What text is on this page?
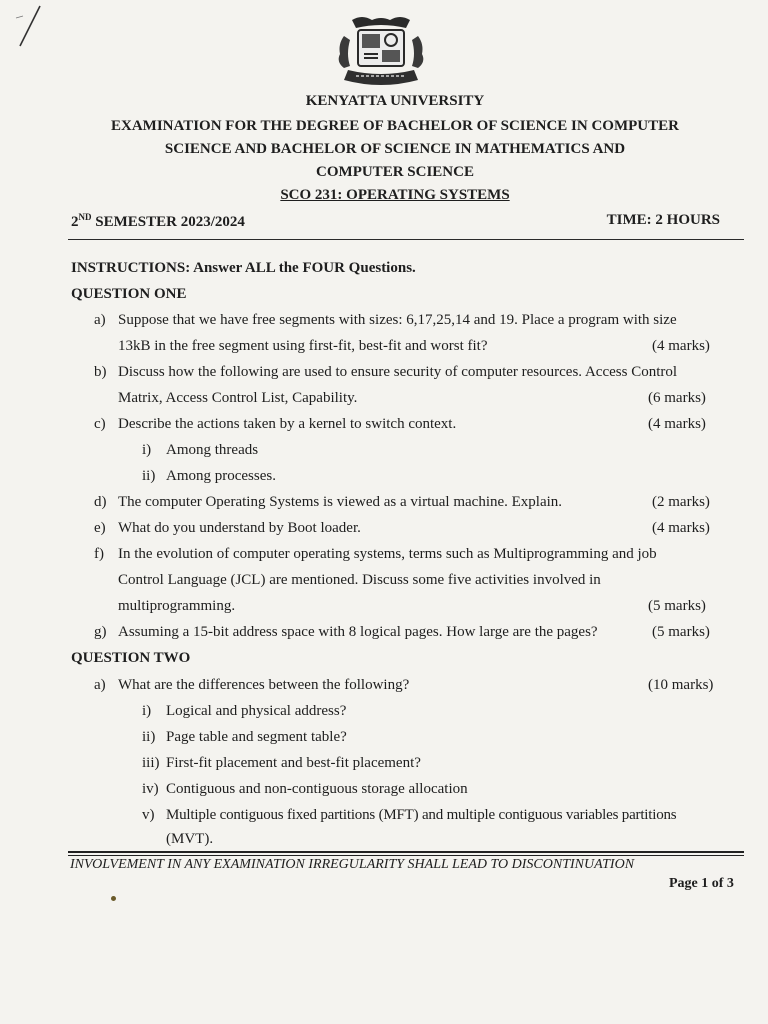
KENYATTA UNIVERSITY
EXAMINATION FOR THE DEGREE OF BACHELOR OF SCIENCE IN COMPUTER
SCIENCE AND BACHELOR OF SCIENCE IN MATHEMATICS AND
COMPUTER SCIENCE
SCO 231: OPERATING SYSTEMS
2ND SEMESTER 2023/2024	TIME: 2 HOURS
INSTRUCTIONS: Answer ALL the FOUR Questions.
QUESTION ONE
a) Suppose that we have free segments with sizes: 6,17,25,14 and 19. Place a program with size
13kB in the free segment using first-fit, best-fit and worst fit?	(4 marks)
b) Discuss how the following are used to ensure security of computer resources. Access Control
Matrix, Access Control List, Capability.	(6 marks)
c) Describe the actions taken by a kernel to switch context.	(4 marks)
i) Among threads
ii) Among processes.
d) The computer Operating Systems is viewed as a virtual machine. Explain.	(2 marks)
e) What do you understand by Boot loader.	(4 marks)
f) In the evolution of computer operating systems, terms such as Multiprogramming and job
Control Language (JCL) are mentioned. Discuss some five activities involved in
multiprogramming.	(5 marks)
g) Assuming a 15-bit address space with 8 logical pages. How large are the pages?	(5 marks)
QUESTION TWO
a) What are the differences between the following?	(10 marks)
i) Logical and physical address?
ii) Page table and segment table?
iii) First-fit placement and best-fit placement?
iv) Contiguous and non-contiguous storage allocation
v) Multiple contiguous fixed partitions (MFT) and multiple contiguous variables partitions
(MVT).
INVOLVEMENT IN ANY EXAMINATION IRREGULARITY SHALL LEAD TO DISCONTINUATION
Page 1 of 3
